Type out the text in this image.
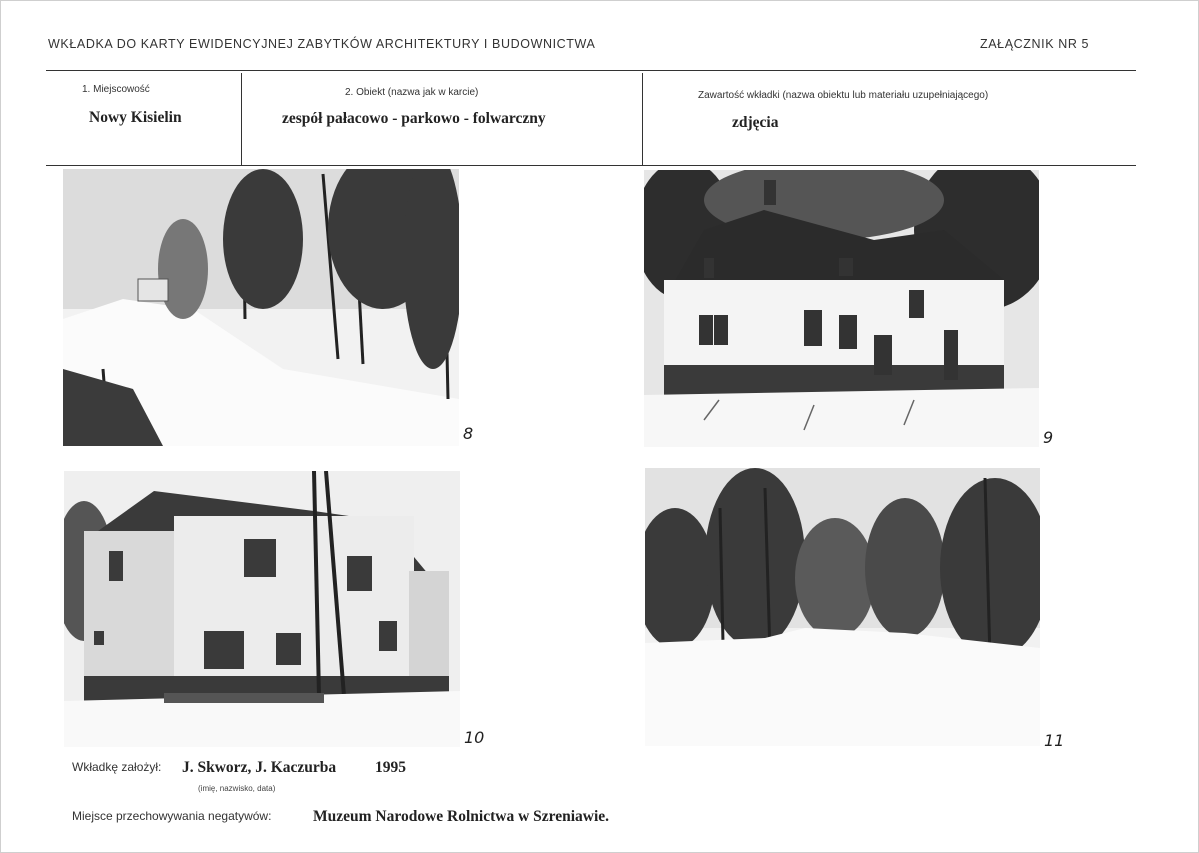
WKŁADKA DO KARTY EWIDENCYJNEJ ZABYTKÓW ARCHITEKTURY I BUDOWNICTWA	ZAŁĄCZNIK NR 5
1. Miejscowość
Nowy Kisielin
2. Obiekt (nazwa jak w karcie)
zespół pałacowo - parkowo - folwarczny
Zawartość wkładki (nazwa obiektu lub materiału uzupełniającego)
zdjęcia
8	9
10	11
Wkładkę założył: J. Skworz, J. Kaczurba	1995
(imię, nazwisko, data)
Miejsce przechowywania negatywów:	Muzeum Narodowe Rolnictwa w Szreniawie.
